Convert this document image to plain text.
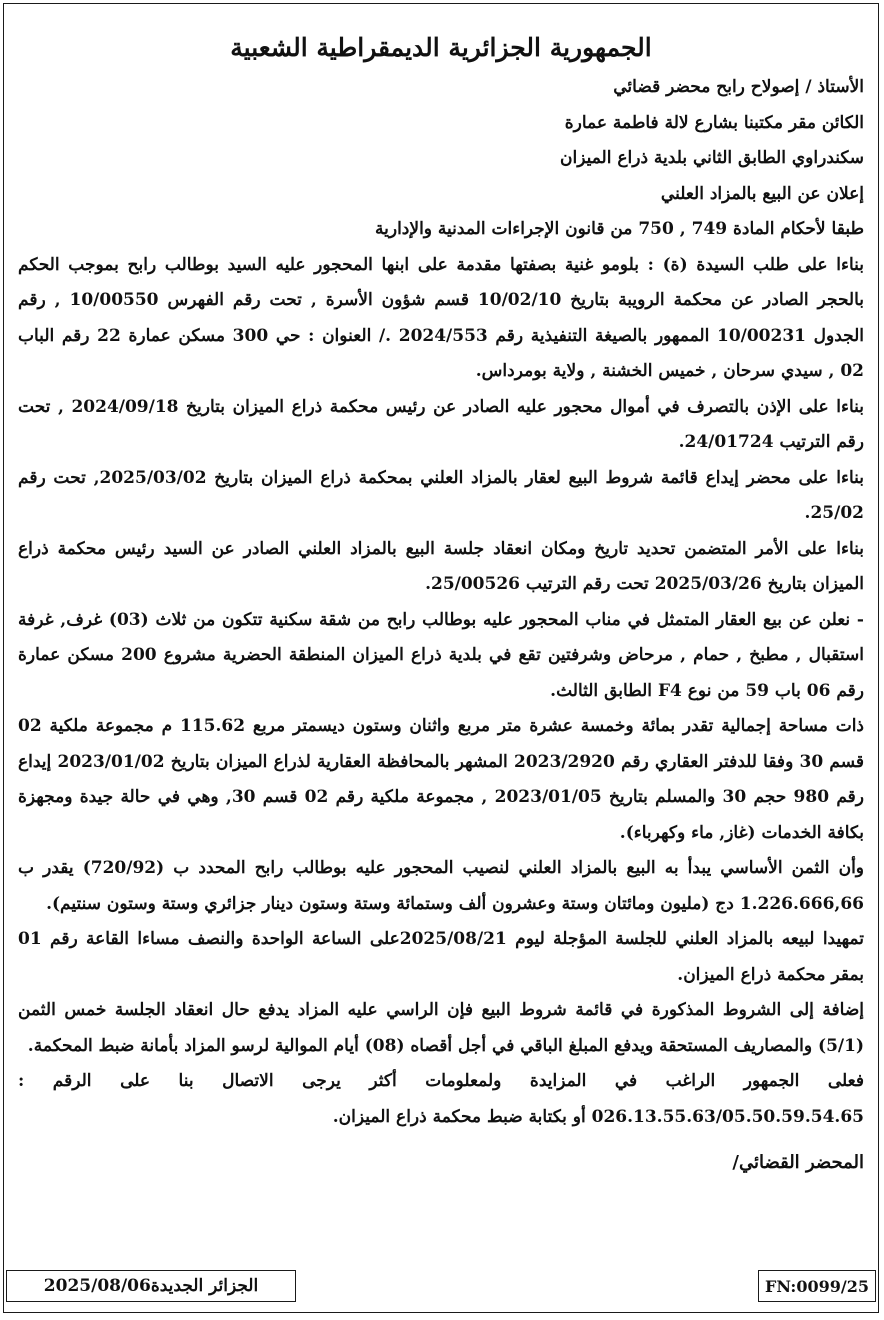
الجمهورية الجزائرية الديمقراطية الشعبية
الأستاذ / إصولاح رابح محضر قضائي
الكائن مقر مكتبنا بشارع لالة فاطمة عمارة
سكندراوي الطابق الثاني بلدية ذراع الميزان
إعلان عن البيع بالمزاد العلني
طبقا لأحكام المادة 749 , 750 من قانون الإجراءات المدنية والإدارية
بناءا على طلب السيدة (ة) : بلومو غنية بصفتها مقدمة على ابنها المحجور عليه السيد بوطالب رابح بموجب الحكم بالحجر الصادر عن محكمة الرويبة بتاريخ 10/02/10 قسم شؤون الأسرة , تحت رقم الفهرس 10/00550 , رقم الجدول 10/00231 الممهور بالصيغة التنفيذية رقم 2024/553 ./ العنوان : حي 300 مسكن عمارة 22 رقم الباب 02 , سيدي سرحان , خميس الخشنة , ولاية بومرداس.
بناءا على الإذن بالتصرف في أموال محجور عليه الصادر عن رئيس محكمة ذراع الميزان بتاريخ 2024/09/18 , تحت رقم الترتيب 24/01724.
بناءا على محضر إيداع قائمة شروط البيع لعقار بالمزاد العلني بمحكمة ذراع الميزان بتاريخ 2025/03/02, تحت رقم 25/02.
بناءا على الأمر المتضمن تحديد تاريخ ومكان انعقاد جلسة البيع بالمزاد العلني الصادر عن السيد رئيس محكمة ذراع الميزان بتاريخ 2025/03/26 تحت رقم الترتيب 25/00526.
- نعلن عن بيع العقار المتمثل في مناب المحجور عليه بوطالب رابح من شقة سكنية تتكون من ثلاث (03) غرف, غرفة استقبال , مطبخ , حمام , مرحاض وشرفتين تقع في بلدية ذراع الميزان المنطقة الحضرية مشروع 200 مسكن عمارة رقم 06 باب 59 من نوع F4 الطابق الثالث.
ذات مساحة إجمالية تقدر بمائة وخمسة عشرة متر مربع واثنان وستون ديسمتر مربع 115.62 م مجموعة ملكية 02 قسم 30 وفقا للدفتر العقاري رقم 2023/2920 المشهر بالمحافظة العقارية لذراع الميزان بتاريخ 2023/01/02 إيداع رقم 980 حجم 30 والمسلم بتاريخ 2023/01/05 , مجموعة ملكية رقم 02 قسم 30, وهي في حالة جيدة ومجهزة بكافة الخدمات (غاز, ماء وكهرباء).
وأن الثمن الأساسي يبدأ به البيع بالمزاد العلني لنصيب المحجور عليه بوطالب رابح المحدد ب (720/92) يقدر ب 1.226.666,66 دج (مليون ومائتان وستة وعشرون ألف وستمائة وستة وستون دينار جزائري وستة وستون سنتيم).
تمهيدا لبيعه بالمزاد العلني للجلسة المؤجلة ليوم 2025/08/21على الساعة الواحدة والنصف مساءا القاعة رقم 01 بمقر محكمة ذراع الميزان.
إضافة إلى الشروط المذكورة في قائمة شروط البيع فإن الراسي عليه المزاد يدفع حال انعقاد الجلسة خمس الثمن (5/1) والمصاريف المستحقة ويدفع المبلغ الباقي في أجل أقصاه (08) أيام الموالية لرسو المزاد بأمانة ضبط المحكمة.
فعلى الجمهور الراغب في المزايدة ولمعلومات أكثر يرجى الاتصال بنا على الرقم : 026.13.55.63/05.50.59.54.65 أو بكتابة ضبط محكمة ذراع الميزان.
المحضر القضائي/
الجزائر الجديدة2025/08/06	FN:0099/25
